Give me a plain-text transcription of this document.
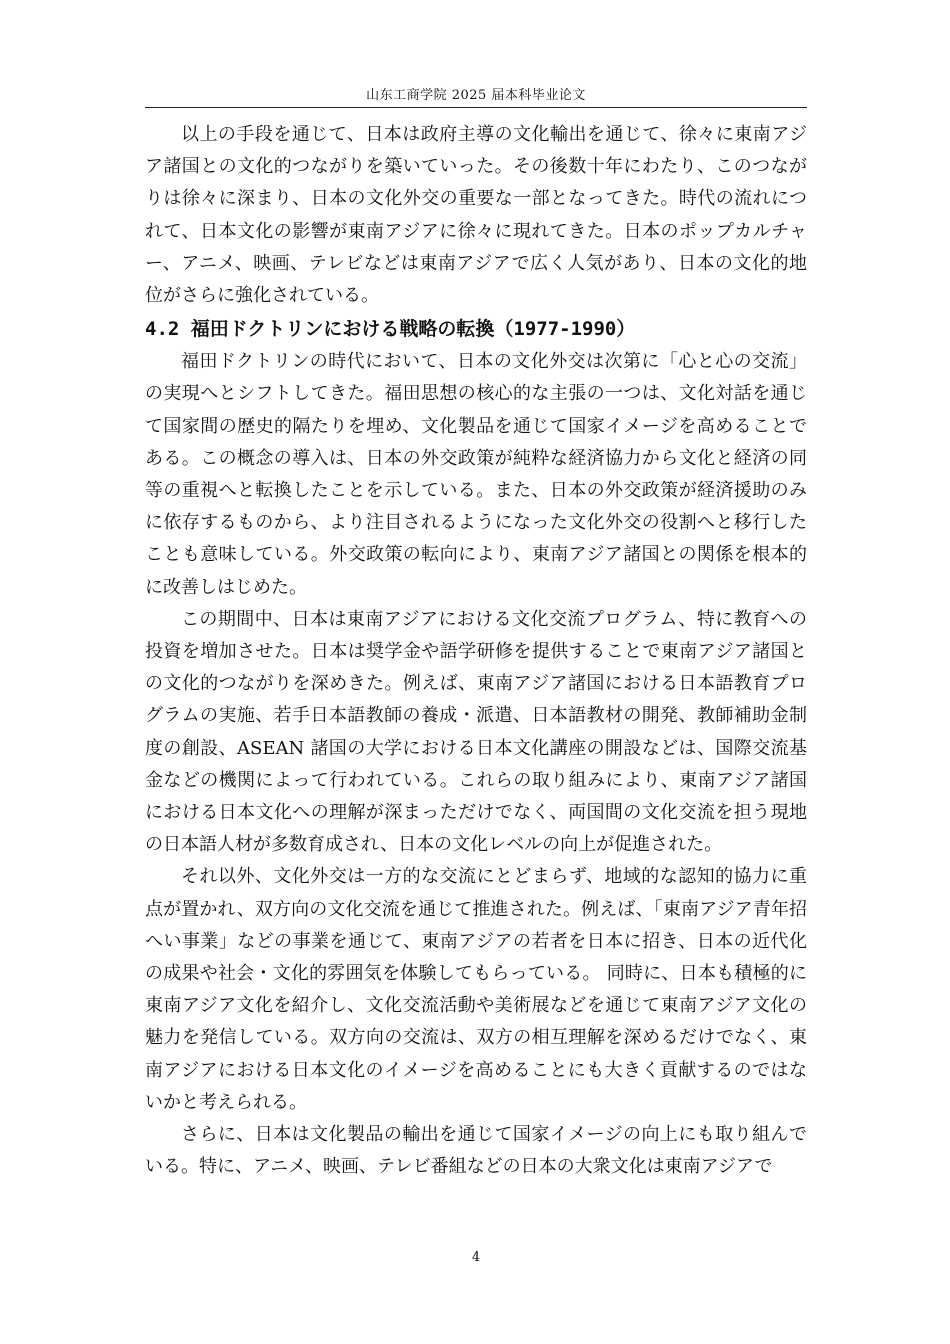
山东工商学院 2025 届本科毕业论文

以上の手段を通じて、日本は政府主導の文化輸出を通じて、徐々に東南アジア諸国との文化的つながりを築いていった。その後数十年にわたり、このつながりは徐々に深まり、日本の文化外交の重要な一部となってきた。時代の流れにつれて、日本文化の影響が東南アジアに徐々に現れてきた。日本のポップカルチャー、アニメ、映画、テレビなどは東南アジアで広く人気があり、日本の文化的地位がさらに強化されている。

4.2 福田ドクトリンにおける戦略の転換（1977-1990）

福田ドクトリンの時代において、日本の文化外交は次第に「心と心の交流」の実現へとシフトしてきた。福田思想の核心的な主張の一つは、文化対話を通じて国家間の歴史的隔たりを埋め、文化製品を通じて国家イメージを高めることである。この概念の導入は、日本の外交政策が純粋な経済協力から文化と経済の同等の重視へと転換したことを示している。また、日本の外交政策が経済援助のみに依存するものから、より注目されるようになった文化外交の役割へと移行したことも意味している。外交政策の転向により、東南アジア諸国との関係を根本的に改善しはじめた。

この期間中、日本は東南アジアにおける文化交流プログラム、特に教育への投資を増加させた。日本は奨学金や語学研修を提供することで東南アジア諸国との文化的つながりを深めきた。例えば、東南アジア諸国における日本語教育プログラムの実施、若手日本語教師の養成・派遣、日本語教材の開発、教師補助金制度の創設、ASEAN 諸国の大学における日本文化講座の開設などは、国際交流基金などの機関によって行われている。これらの取り組みにより、東南アジア諸国における日本文化への理解が深まっただけでなく、両国間の文化交流を担う現地の日本語人材が多数育成され、日本の文化レベルの向上が促進された。

それ以外、文化外交は一方的な交流にとどまらず、地域的な認知的協力に重点が置かれ、双方向の文化交流を通じて推進された。例えば、「東南アジア青年招へい事業」などの事業を通じて、東南アジアの若者を日本に招き、日本の近代化の成果や社会・文化的雰囲気を体験してもらっている。 同時に、日本も積極的に東南アジア文化を紹介し、文化交流活動や美術展などを通じて東南アジア文化の魅力を発信している。双方向の交流は、双方の相互理解を深めるだけでなく、東南アジアにおける日本文化のイメージを高めることにも大きく貢献するのではないかと考えられる。

さらに、日本は文化製品の輸出を通じて国家イメージの向上にも取り組んでいる。特に、アニメ、映画、テレビ番組などの日本の大衆文化は東南アジアで

4
